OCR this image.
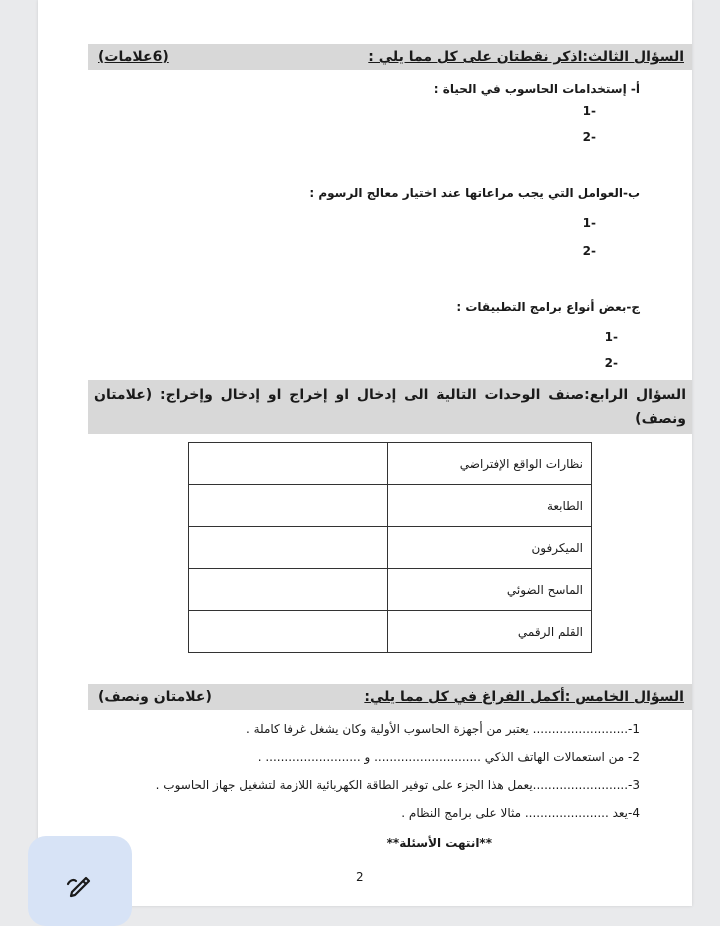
السؤال الثالث:اذكر نقطتان على كل مما يلي :
(6علامات)
أ- إستخدامات الحاسوب في الحياة :
-1
-2
ب-العوامل التي يجب مراعاتها عند اختيار معالج الرسوم :
-1
-2
ج-بعض أنواع برامج التطبيقات :
-1
-2
السؤال الرابع:صنف الوحدات التالية الى إدخال او إخراج او إدخال وإخراج: (علامتان ونصف)
نظارات الواقع الإفتراضي	
الطابعة	
الميكرفون	
الماسح الضوئي	
القلم الرقمي	
السؤال الخامس :أكمل الفراغ في كل مما يلي:
(علامتان ونصف)
1-......................... يعتبر من أجهزة الحاسوب الأولية وكان يشغل غرفا كاملة .
2- من استعمالات الهاتف الذكي ............................ و ......................... .
3-.........................يعمل هذا الجزء على توفير الطاقة الكهربائية اللازمة لتشغيل جهاز الحاسوب .
4-يعد ...................... مثالا على برامج النظام .
**انتهت الأسئلة**
2
